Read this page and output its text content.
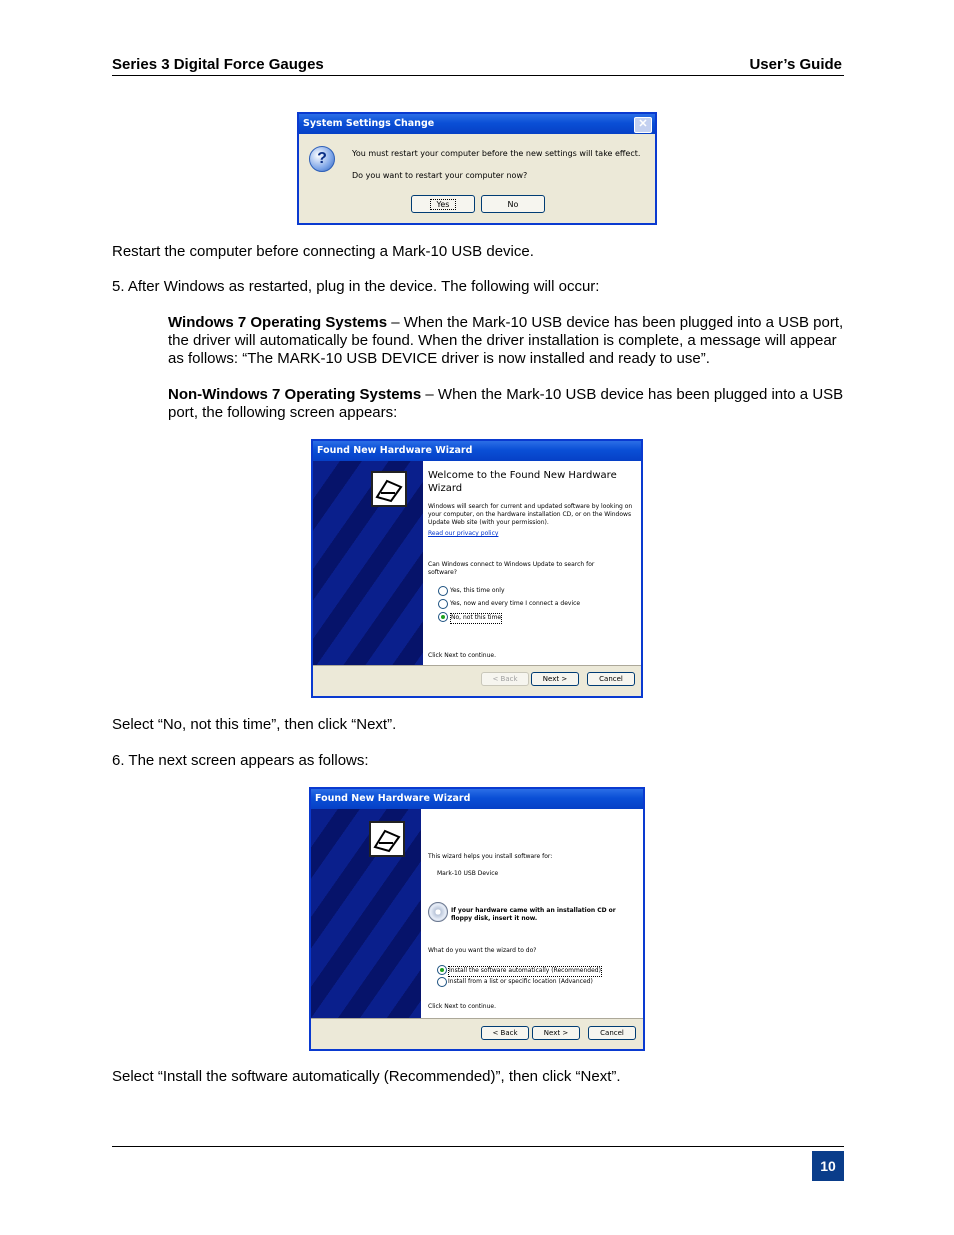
Series 3 Digital Force Gauges	User’s Guide
System Settings Change	✕
?	You must restart your computer before the new settings will take effect.
Do you want to restart your computer now?
Yes	No
Restart the computer before connecting a Mark-10 USB device.
5. After Windows as restarted, plug in the device. The following will occur:
Windows 7 Operating Systems – When the Mark-10 USB device has been plugged into a USB port, the driver will automatically be found. When the driver installation is complete, a message will appear as follows: “The MARK-10 USB DEVICE driver is now installed and ready to use”.
Non-Windows 7 Operating Systems – When the Mark-10 USB device has been plugged into a USB port, the following screen appears:
Found New Hardware Wizard
Welcome to the Found New Hardware Wizard
Windows will search for current and updated software by looking on your computer, on the hardware installation CD, or on the Windows Update Web site (with your permission).
Read our privacy policy
Can Windows connect to Windows Update to search for software?
Yes, this time only
Yes, now and every time I connect a device
No, not this time
Click Next to continue.
< Back	Next >	Cancel
Select “No, not this time”, then click “Next”.
6. The next screen appears as follows:
Found New Hardware Wizard
This wizard helps you install software for:
Mark-10 USB Device
If your hardware came with an installation CD or floppy disk, insert it now.
What do you want the wizard to do?
Install the software automatically (Recommended)
Install from a list or specific location (Advanced)
Click Next to continue.
< Back	Next >	Cancel
Select “Install the software automatically (Recommended)”, then click “Next”.
10
